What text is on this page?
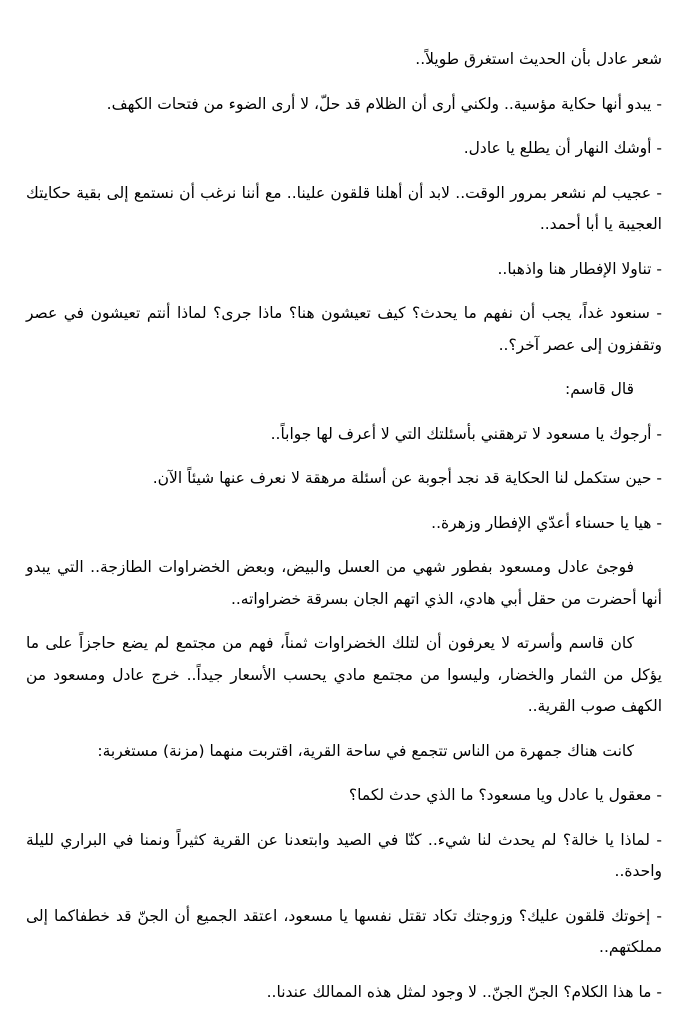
شعر عادل بأن الحديث استغرق طويلاً..

- يبدو أنها حكاية مؤسية.. ولكني أرى أن الظلام قد حلّ، لا أرى الضوء من فتحات الكهف.

- أوشك النهار أن يطلع يا عادل.

- عجيب لم نشعر بمرور الوقت.. لابد أن أهلنا قلقون علينا.. مع أننا نرغب أن نستمع إلى بقية حكايتك العجيبة يا أبا أحمد..

- تناولا الإفطار هنا واذهبا..

- سنعود غداً، يجب أن نفهم ما يحدث؟ كيف تعيشون هنا؟ ماذا جرى؟ لماذا أنتم تعيشون في عصر وتقفزون إلى عصر آخر؟..

قال قاسم:

- أرجوك يا مسعود لا ترهقني بأسئلتك التي لا أعرف لها جواباً..

- حين ستكمل لنا الحكاية قد نجد أجوبة عن أسئلة مرهقة لا نعرف عنها شيئاً الآن.

- هيا يا حسناء أعدّي الإفطار وزهرة..

فوجئ عادل ومسعود بفطور شهي من العسل والبيض، وبعض الخضراوات الطازجة.. التي يبدو أنها أحضرت من حقل أبي هادي، الذي اتهم الجان بسرقة خضراواته..

كان قاسم وأسرته لا يعرفون أن لتلك الخضراوات ثمناً، فهم من مجتمع لم يضع حاجزاً على ما يؤكل من الثمار والخضار، وليسوا من مجتمع مادي يحسب الأسعار جيداً.. خرج عادل ومسعود من الكهف صوب القرية..

كانت هناك جمهرة من الناس تتجمع في ساحة القرية، اقتربت منهما (مزنة) مستغربة:

- معقول يا عادل ويا مسعود؟ ما الذي حدث لكما؟

- لماذا يا خالة؟ لم يحدث لنا شيء.. كنّا في الصيد وابتعدنا عن القرية كثيراً ونمنا في البراري لليلة واحدة..

- إخوتك قلقون عليك؟ وزوجتك تكاد تقتل نفسها يا مسعود، اعتقد الجميع أن الجنّ قد خطفاكما إلى مملكتهم..

- ما هذا الكلام؟ الجنّ الجنّ.. لا وجود لمثل هذه الممالك عندنا..
